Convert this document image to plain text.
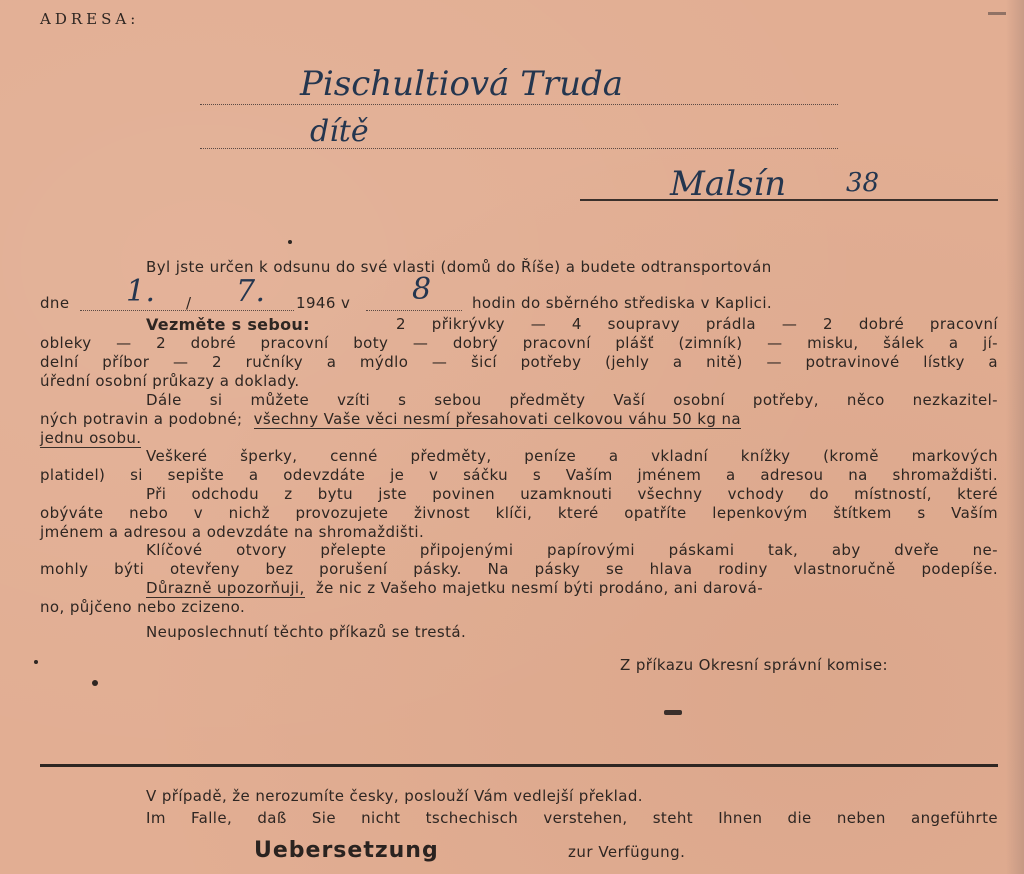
ADRESA:
Pischultiová Truda
dítě
Malsín 38
Byl jste určen k odsunu do své vlasti (domů do Říše) a budete odtransportován
dne 1. / 7. 1946 v 8	hodin do sběrného střediska v Kaplici.
Vezměte s sebou:	2 přikrývky — 4 soupravy prádla — 2 dobré pracovní
obleky — 2 dobré pracovní boty — dobrý pracovní plášť (zimník) — misku, šálek a jí-
delní příbor — 2 ručníky a mýdlo — šicí potřeby (jehly a nitě) — potravinové lístky a
úřední osobní průkazy a doklady.
Dále si můžete vzíti s sebou předměty Vaší osobní potřeby, něco nezkazitel-
ných potravin a podobné; všechny Vaše věci nesmí přesahovati celkovou váhu 50 kg na
jednu osobu.
Veškeré šperky, cenné předměty, peníze a vkladní knížky (kromě markových
platidel) si sepište a odevzdáte je v sáčku s Vaším jménem a adresou na shromaždišti.
Při odchodu z bytu jste povinen uzamknouti všechny vchody do místností, které
obýváte nebo v nichž provozujete živnost klíči, které opatříte lepenkovým štítkem s Vaším
jménem a adresou a odevzdáte na shromaždišti.
Klíčové otvory přelepte připojenými papírovými páskami tak, aby dveře ne-
mohly býti otevřeny bez porušení pásky. Na pásky se hlava rodiny vlastnoručně podepíše.
Důrazně upozorňuji, že nic z Vašeho majetku nesmí býti prodáno, ani darová-
no, půjčeno nebo zcizeno.
Neuposlechnutí těchto příkazů se trestá.
Z příkazu Okresní správní komise:
V případě, že nerozumíte česky, poslouží Vám vedlejší překlad.
Im Falle, daß Sie nicht tschechisch verstehen, steht Ihnen die neben angeführte
Uebersetzung	zur Verfügung.
